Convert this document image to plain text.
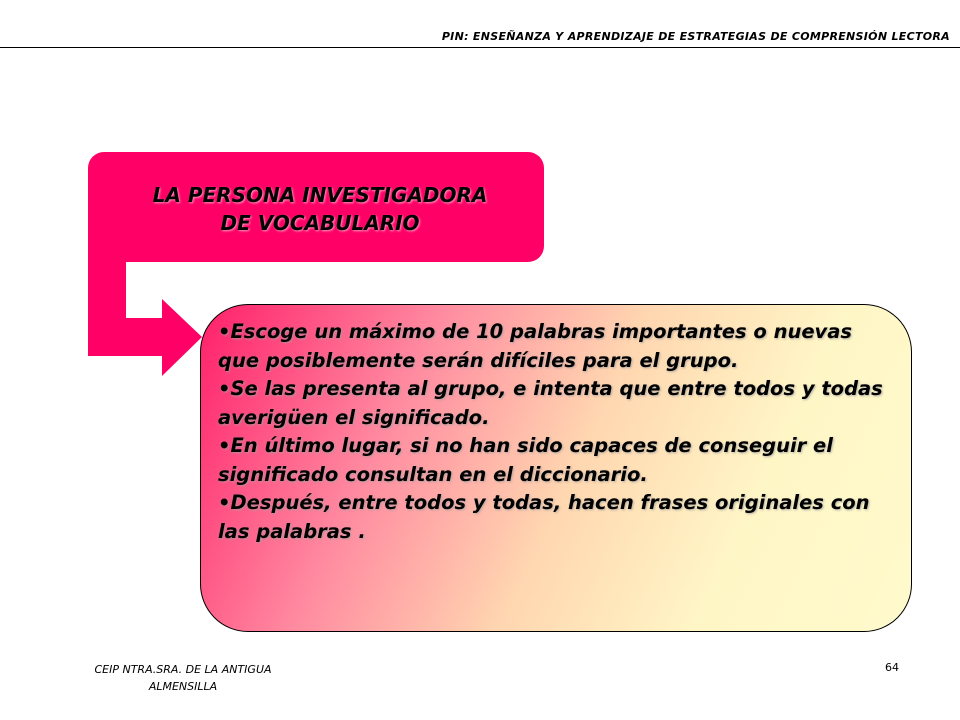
PIN: ENSEÑANZA Y APRENDIZAJE DE ESTRATEGIAS DE COMPRENSIÓN LECTORA
LA PERSONA INVESTIGADORA
DE VOCABULARIO

•Escoge un máximo de 10 palabras importantes o nuevas que posiblemente serán difíciles para el grupo.

•Se las presenta al grupo, e intenta que entre todos y todas averigüen el significado.

•En último lugar, si no han sido capaces de conseguir el significado consultan en el diccionario.

•Después, entre todos y todas, hacen frases originales con las palabras .

CEIP NTRA.SRA. DE LA ANTIGUA
ALMENSILLA
64
